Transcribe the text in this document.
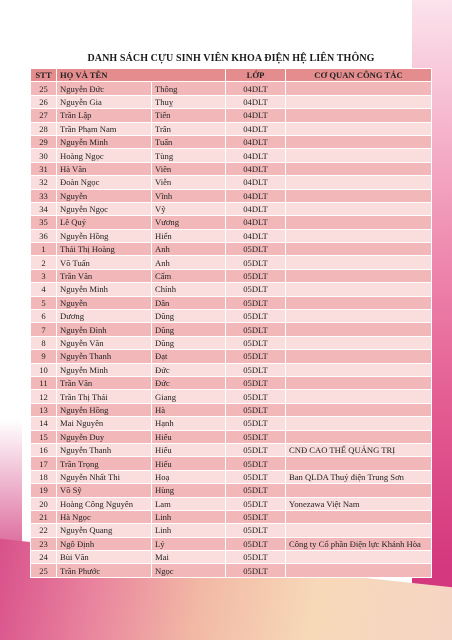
DANH SÁCH CỰU SINH VIÊN KHOA ĐIỆN HỆ LIÊN THÔNG
STT	HỌ VÀ TÊN		LỚP	CƠ QUAN CÔNG TÁC
25	Nguyễn Đức	Thông	04DLT	
26	Nguyễn Gia	Thuỵ	04DLT	
27	Trần Lập	Tiến	04DLT	
28	Trần Phạm Nam	Trân	04DLT	
29	Nguyễn Minh	Tuấn	04DLT	
30	Hoàng Ngọc	Tùng	04DLT	
31	Hà Văn	Viên	04DLT	
32	Đoàn Ngọc	Viễn	04DLT	
33	Nguyễn	Vĩnh	04DLT	
34	Nguyễn Ngọc	Vỹ	04DLT	
35	Lê Quý	Vương	04DLT	
36	Nguyễn Hồng	Hiển	04DLT	
1	Thái Thị Hoàng	Anh	05DLT	
2	Võ Tuấn	Anh	05DLT	
3	Trần Văn	Cẩm	05DLT	
4	Nguyễn Minh	Chính	05DLT	
5	Nguyễn	Dân	05DLT	
6	Dương	Dũng	05DLT	
7	Nguyễn Đình	Dũng	05DLT	
8	Nguyễn Văn	Dũng	05DLT	
9	Nguyễn Thanh	Đạt	05DLT	
10	Nguyễn Minh	Đức	05DLT	
11	Trần Văn	Đức	05DLT	
12	Trần Thị Thái	Giang	05DLT	
13	Nguyễn Hồng	Hà	05DLT	
14	Mai Nguyên	Hạnh	05DLT	
15	Nguyễn Duy	Hiếu	05DLT	
16	Nguyễn Thanh	Hiếu	05DLT	CNĐ CAO THẾ QUẢNG TRỊ
17	Trần Trọng	Hiếu	05DLT	
18	Nguyễn Nhất Thi	Hoạ	05DLT	Ban QLDA Thuỷ điện Trung Sơn
19	Võ Sỹ	Hùng	05DLT	
20	Hoàng Công Nguyên	Lam	05DLT	Yonezawa Việt Nam
21	Hà Ngọc	Linh	05DLT	
22	Nguyễn Quang	Linh	05DLT	
23	Ngô Định	Lý	05DLT	Công ty Cổ phần Điện lực Khánh Hòa
24	Bùi Văn	Mai	05DLT	
25	Trần Phước	Ngọc	05DLT	
